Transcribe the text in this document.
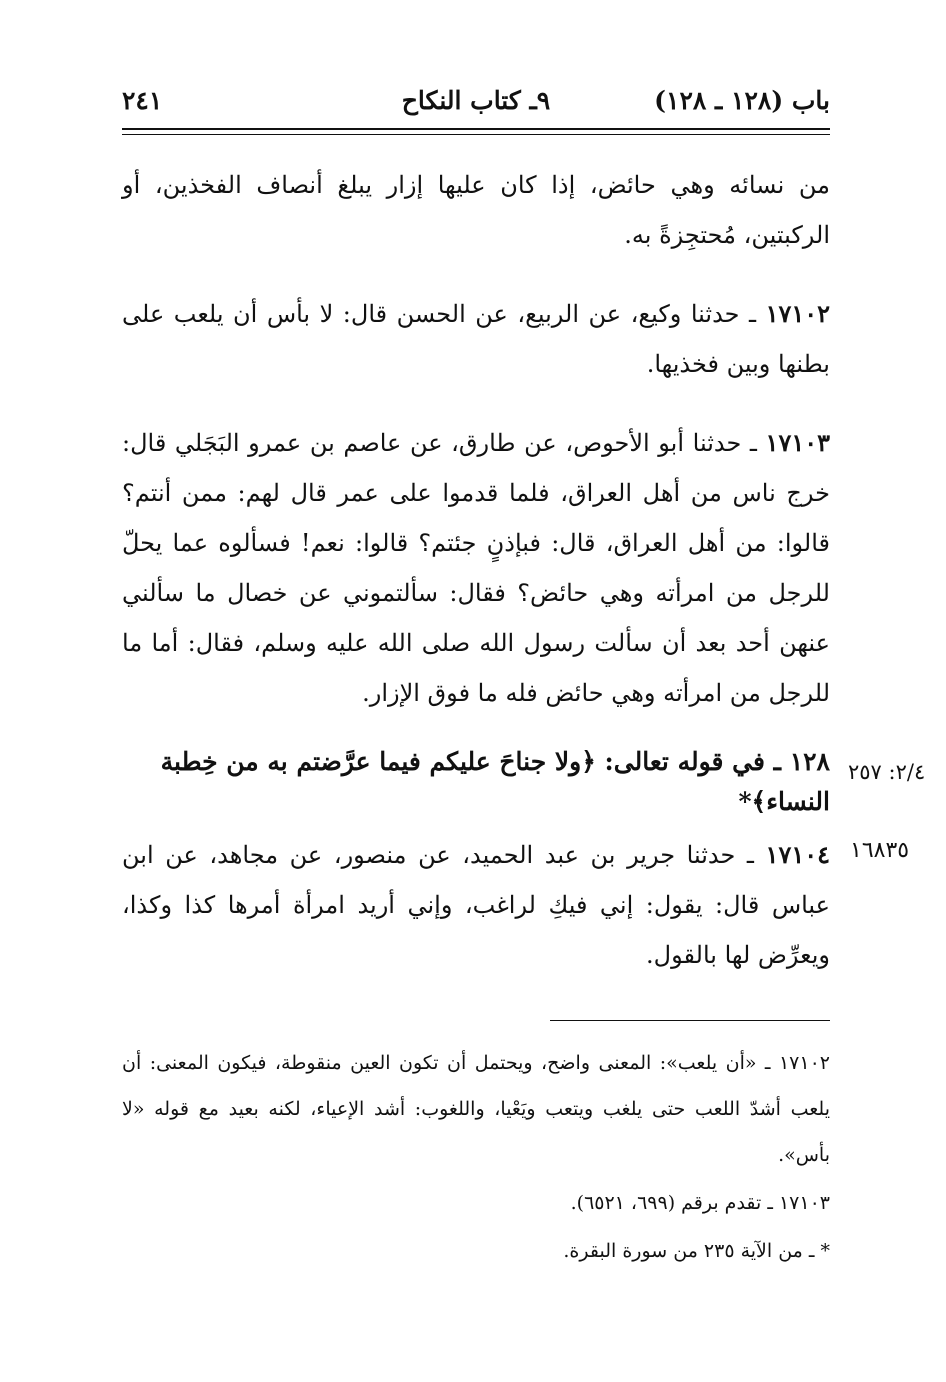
باب (١٢٨ ـ ١٢٨)
٩ـ كتاب النكاح
٢٤١

من نسائه وهي حائض، إذا كان عليها إزار يبلغ أنصاف الفخذين، أو الركبتين، مُحتجِزةً به.

١٧١٠٢ ـ حدثنا وكيع، عن الربيع، عن الحسن قال: لا بأس أن يلعب على بطنها وبين فخذيها.

١٧١٠٣ ـ حدثنا أبو الأحوص، عن طارق، عن عاصم بن عمرو البَجَلي قال: خرج ناس من أهل العراق، فلما قدموا على عمر قال لهم: ممن أنتم؟ قالوا: من أهل العراق، قال: فبإذنٍ جئتم؟ قالوا: نعم! فسألوه عما يحلّ للرجل من امرأته وهي حائض؟ فقال: سألتموني عن خصال ما سألني عنهن أحد بعد أن سألت رسول الله صلى الله عليه وسلم، فقال: أما ما للرجل من امرأته وهي حائض فله ما فوق الإزار.

١٢٨ ـ في قوله تعالى: ﴿ولا جناحَ عليكم فيما عرَّضتم به من خِطبة النساء﴾*
٢/٤: ٢٥٧

١٧١٠٤ ـ حدثنا جرير بن عبد الحميد، عن منصور، عن مجاهد، عن ابن عباس قال: يقول: إني فيكِ لراغب، وإني أريد امرأة أمرها كذا وكذا، ويعرِّض لها بالقول.

١٦٨٣٥

١٧١٠٢ ـ «أن يلعب»: المعنى واضح، ويحتمل أن تكون العين منقوطة، فيكون المعنى: أن يلعب أشدّ اللعب حتى يلغب ويتعب ويَعْيا، واللغوب: أشد الإعياء، لكنه بعيد مع قوله «لا بأس».

١٧١٠٣ ـ تقدم برقم (٦٩٩، ٦٥٢١).

* ـ من الآية ٢٣٥ من سورة البقرة.
